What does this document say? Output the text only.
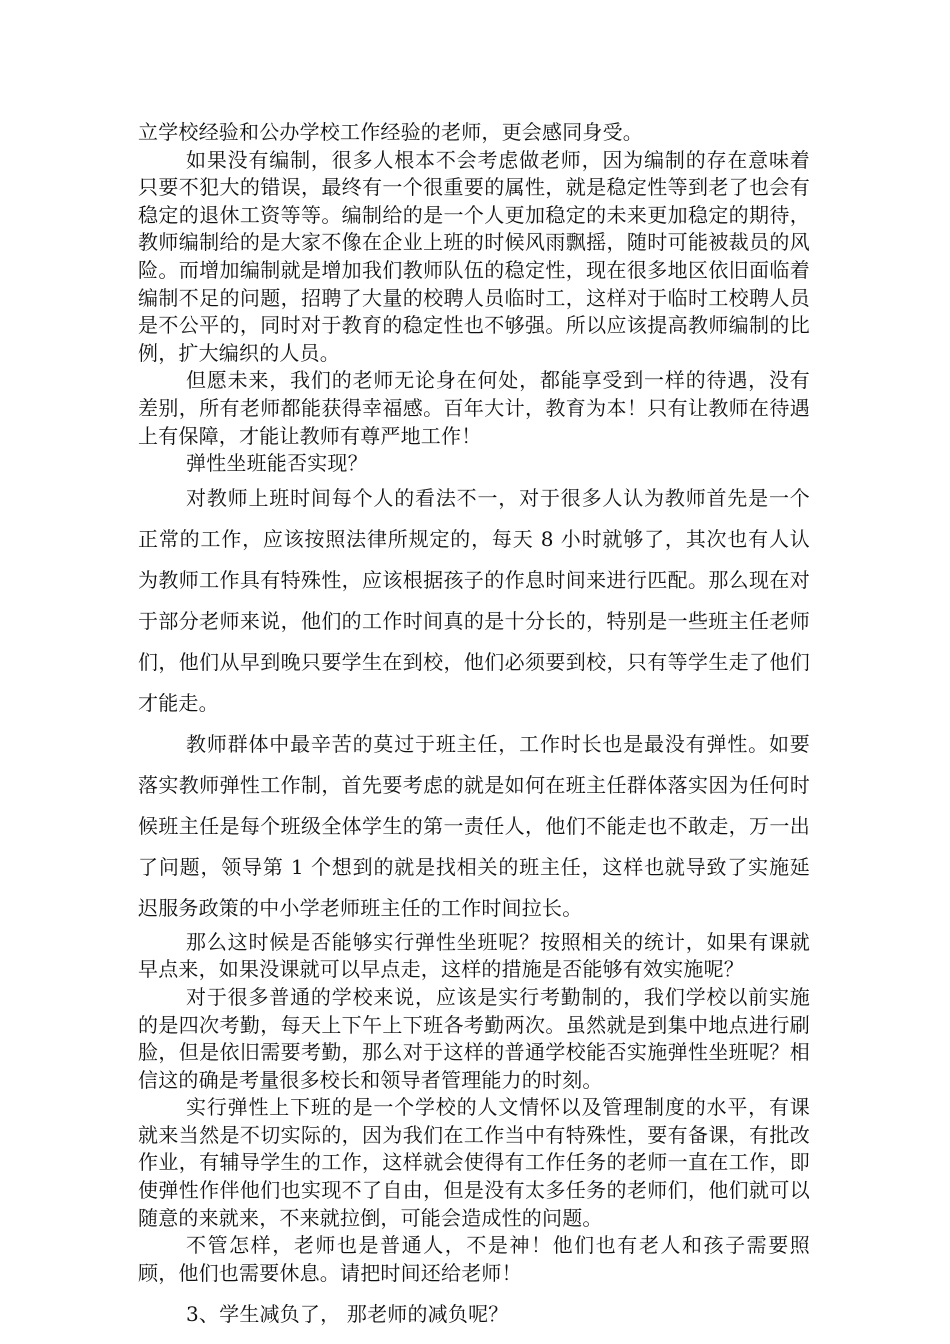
立学校经验和公办学校工作经验的老师，更会感同身受。

如果没有编制，很多人根本不会考虑做老师，因为编制的存在意味着只要不犯大的错误，最终有一个很重要的属性，就是稳定性等到老了也会有稳定的退休工资等等。编制给的是一个人更加稳定的未来更加稳定的期待，教师编制给的是大家不像在企业上班的时候风雨飘摇，随时可能被裁员的风险。而增加编制就是增加我们教师队伍的稳定性，现在很多地区依旧面临着编制不足的问题，招聘了大量的校聘人员临时工，这样对于临时工校聘人员是不公平的，同时对于教育的稳定性也不够强。所以应该提高教师编制的比例，扩大编织的人员。

但愿未来，我们的老师无论身在何处，都能享受到一样的待遇，没有差别，所有老师都能获得幸福感。百年大计，教育为本！只有让教师在待遇上有保障，才能让教师有尊严地工作！

弹性坐班能否实现？

对教师上班时间每个人的看法不一，对于很多人认为教师首先是一个正常的工作，应该按照法律所规定的，每天 8 小时就够了，其次也有人认为教师工作具有特殊性，应该根据孩子的作息时间来进行匹配。那么现在对于部分老师来说，他们的工作时间真的是十分长的，特别是一些班主任老师们，他们从早到晚只要学生在到校，他们必须要到校，只有等学生走了他们才能走。

教师群体中最辛苦的莫过于班主任，工作时长也是最没有弹性。如要落实教师弹性工作制，首先要考虑的就是如何在班主任群体落实因为任何时候班主任是每个班级全体学生的第一责任人，他们不能走也不敢走，万一出了问题，领导第 1 个想到的就是找相关的班主任，这样也就导致了实施延迟服务政策的中小学老师班主任的工作时间拉长。

那么这时候是否能够实行弹性坐班呢？按照相关的统计，如果有课就早点来，如果没课就可以早点走，这样的措施是否能够有效实施呢？

对于很多普通的学校来说，应该是实行考勤制的，我们学校以前实施的是四次考勤，每天上下午上下班各考勤两次。虽然就是到集中地点进行刷脸，但是依旧需要考勤，那么对于这样的普通学校能否实施弹性坐班呢？相信这的确是考量很多校长和领导者管理能力的时刻。

实行弹性上下班的是一个学校的人文情怀以及管理制度的水平，有课就来当然是不切实际的，因为我们在工作当中有特殊性，要有备课，有批改作业，有辅导学生的工作，这样就会使得有工作任务的老师一直在工作，即使弹性作伴他们也实现不了自由，但是没有太多任务的老师们，他们就可以随意的来就来，不来就拉倒，可能会造成性的问题。

不管怎样，老师也是普通人，不是神！他们也有老人和孩子需要照顾，他们也需要休息。请把时间还给老师！

3、学生减负了， 那老师的减负呢？
